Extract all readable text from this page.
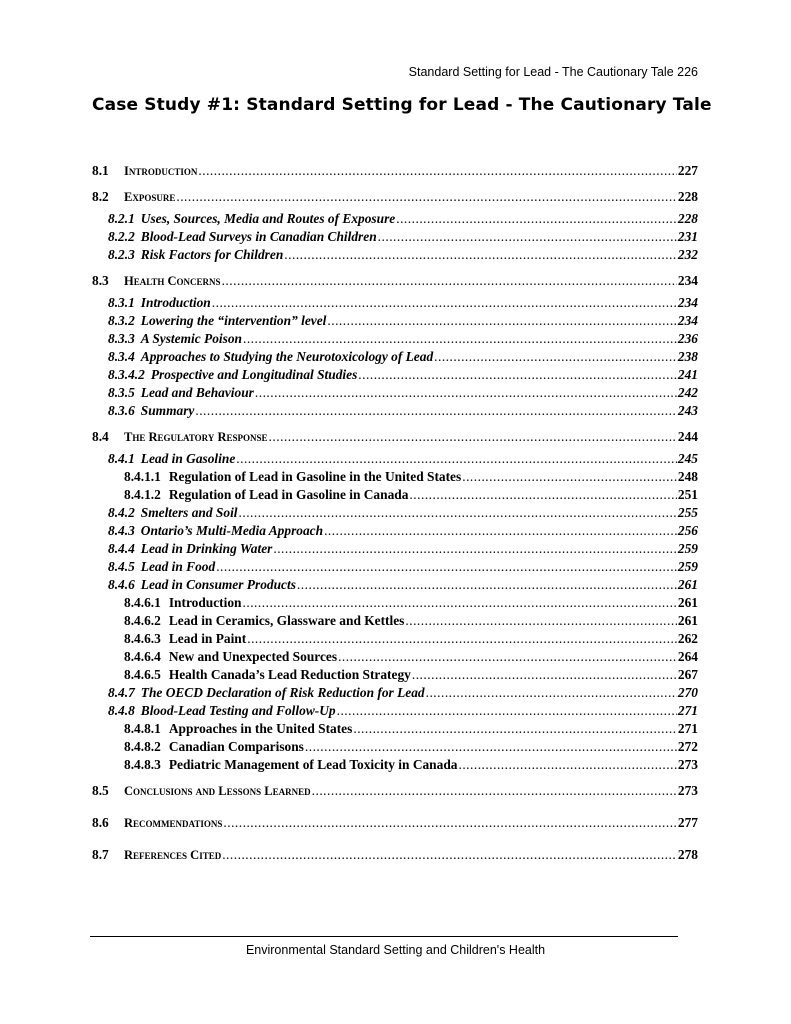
Standard Setting for Lead - The Cautionary Tale 226
Case Study #1: Standard Setting for Lead - The Cautionary Tale
8.1	Introduction .....	227
8.2	Exposure .....	228
8.2.1 Uses, Sources, Media and Routes of Exposure .....	228
8.2.2 Blood-Lead Surveys in Canadian Children .....	231
8.2.3 Risk Factors for Children .....	232
8.3	Health Concerns .....	234
8.3.1 Introduction .....	234
8.3.2 Lowering the “intervention” level .....	234
8.3.3 A Systemic Poison .....	236
8.3.4 Approaches to Studying the Neurotoxicology of Lead .....	238
8.3.4.2 Prospective and Longitudinal Studies .....	241
8.3.5 Lead and Behaviour .....	242
8.3.6 Summary .....	243
8.4	The Regulatory Response .....	244
8.4.1 Lead in Gasoline .....	245
8.4.1.1 Regulation of Lead in Gasoline in the United States .....	248
8.4.1.2 Regulation of Lead in Gasoline in Canada .....	251
8.4.2 Smelters and Soil .....	255
8.4.3 Ontario’s Multi-Media Approach .....	256
8.4.4 Lead in Drinking Water .....	259
8.4.5 Lead in Food .....	259
8.4.6 Lead in Consumer Products .....	261
8.4.6.1 Introduction .....	261
8.4.6.2 Lead in Ceramics, Glassware and Kettles .....	261
8.4.6.3 Lead in Paint .....	262
8.4.6.4 New and Unexpected Sources .....	264
8.4.6.5 Health Canada’s Lead Reduction Strategy .....	267
8.4.7 The OECD Declaration of Risk Reduction for Lead .....	270
8.4.8 Blood-Lead Testing and Follow-Up .....	271
8.4.8.1 Approaches in the United States .....	271
8.4.8.2 Canadian Comparisons .....	272
8.4.8.3 Pediatric Management of Lead Toxicity in Canada .....	273
8.5	Conclusions and Lessons Learned .....	273
8.6	Recommendations .....	277
8.7	References Cited .....	278
Environmental Standard Setting and Children's Health
